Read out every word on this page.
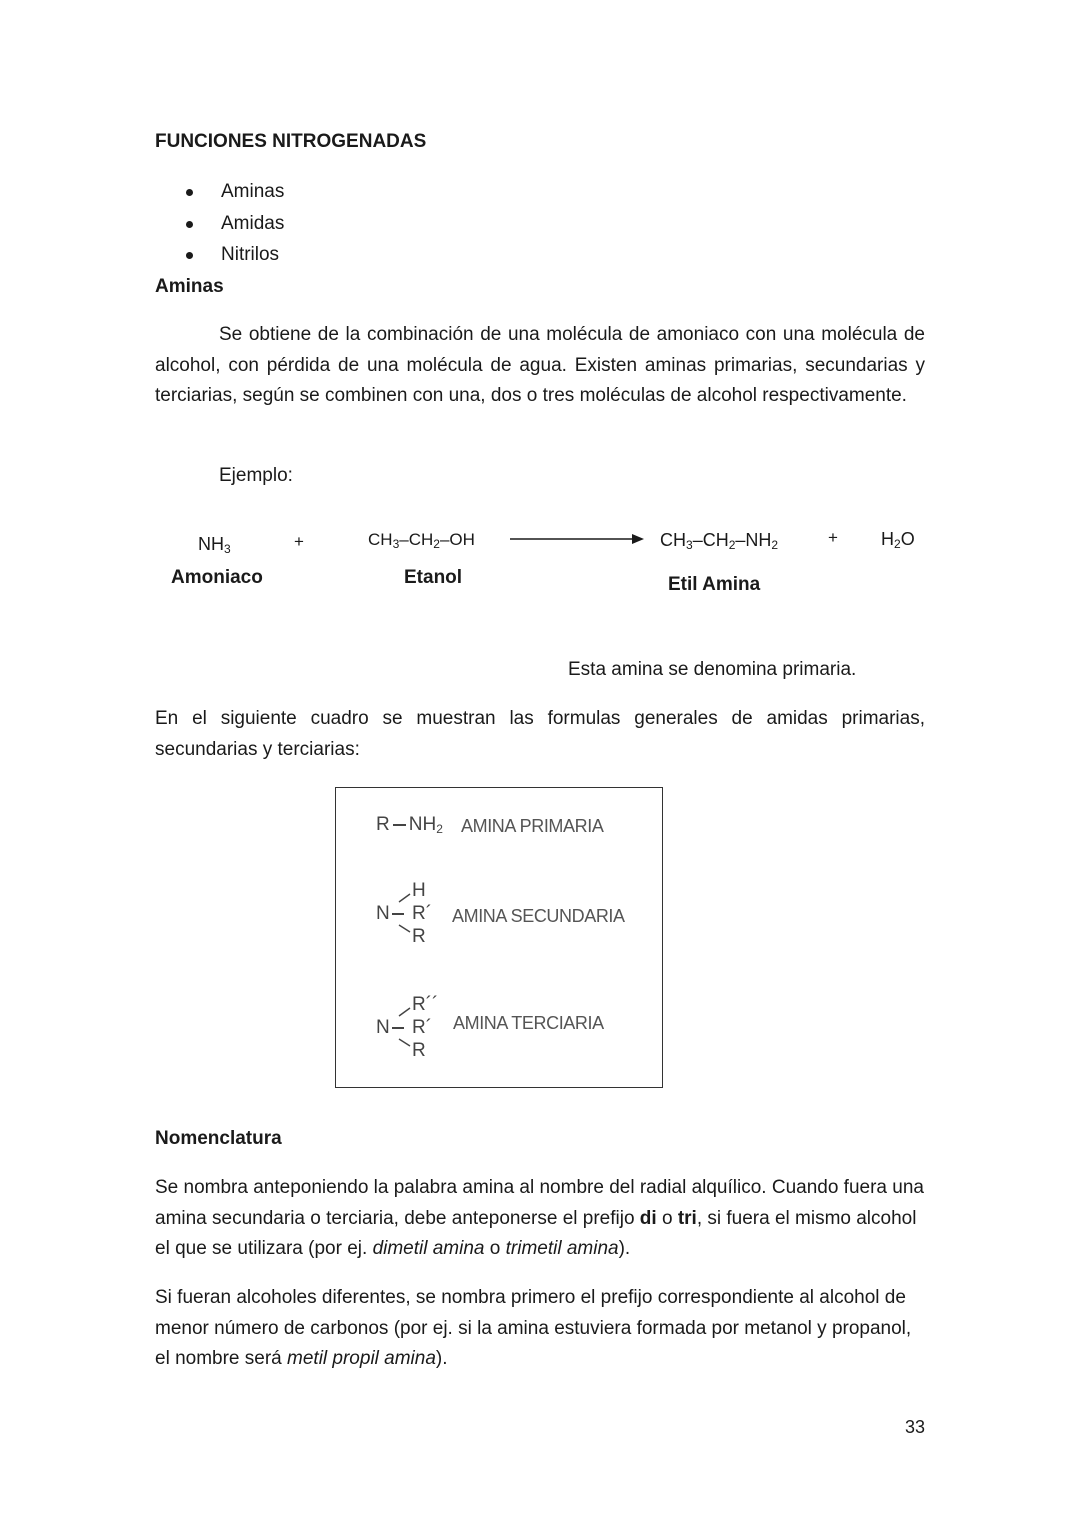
FUNCIONES NITROGENADAS
Aminas
Amidas
Nitrilos
Aminas
Se obtiene de la combinación de una molécula de amoniaco con una molécula de alcohol, con pérdida de una molécula de agua. Existen aminas primarias, secundarias y terciarias, según se combinen con una, dos o tres moléculas de alcohol respectivamente.
Ejemplo:
$NH_3$	+	$CH_3-CH_2-OH$	$CH_3-CH_2-NH_2$	+ $H_2O$
Amoniaco	Etanol	Etil Amina
Esta amina se denomina primaria.
En el siguiente cuadro se muestran las formulas generales de amidas primarias, secundarias y terciarias:
R $NH_2$ AMINA PRIMARIA
H
N R´
R
AMINA SECUNDARIA
R´´
N R´
R
AMINA TERCIARIA
Nomenclatura
Se nombra anteponiendo la palabra amina al nombre del radial alquílico. Cuando fuera una amina secundaria o terciaria, debe anteponerse el prefijo di o tri, si fuera el mismo alcohol el que se utilizara (por ej. dimetil amina o trimetil amina).
Si fueran alcoholes diferentes, se nombra primero el prefijo correspondiente al alcohol de menor número de carbonos (por ej. si la amina estuviera formada por metanol y propanol, el nombre será metil propil amina).
33
